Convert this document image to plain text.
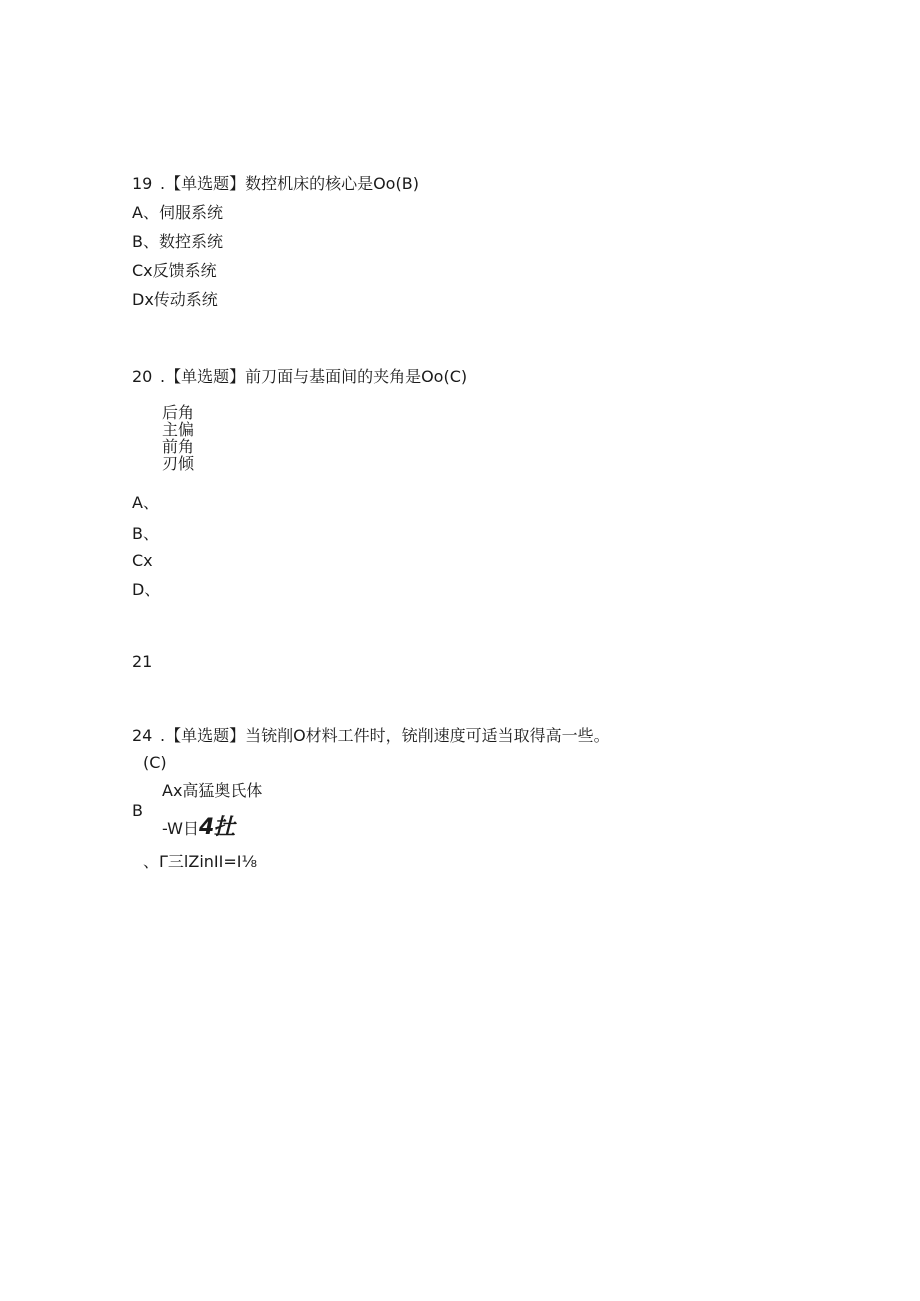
19 .【单选题】数控机床的核心是Oo(B)
A、伺服系统
B、数控系统
Cx反馈系统
Dx传动系统
20 .【单选题】前刀面与基面间的夹角是Oo(C)
后角
主偏
前角
刃倾
A、
B、
Cx
D、
21
24 .【单选题】当铳削O材料工件时，铳削速度可适当取得高一些。
(C)
Ax高猛奥氏体
B
-W日4扗
、Γ三lZinII=I⅛
